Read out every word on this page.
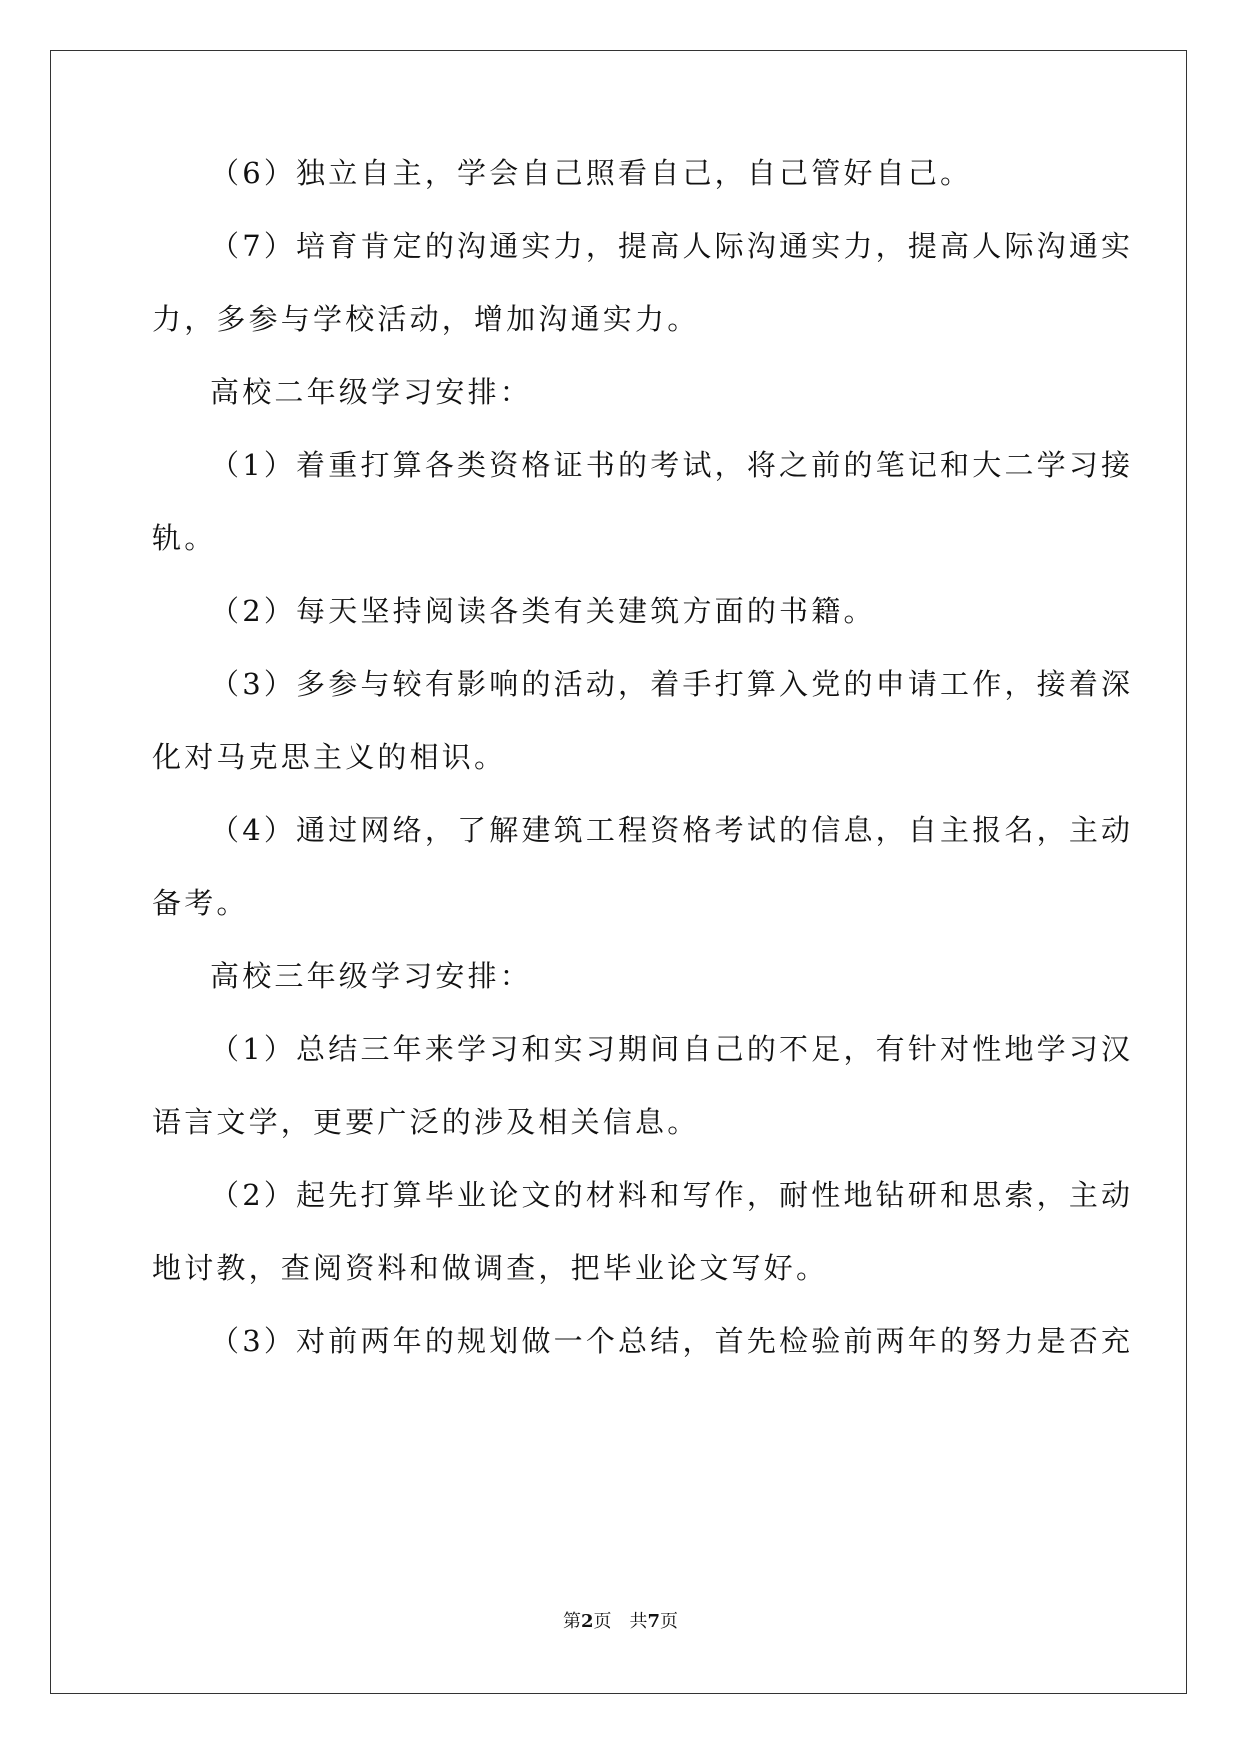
（6）独立自主，学会自己照看自己，自己管好自己。
（7）培育肯定的沟通实力，提高人际沟通实力，提高人际沟通实
力，多参与学校活动，增加沟通实力。
高校二年级学习安排：
（1）着重打算各类资格证书的考试，将之前的笔记和大二学习接
轨。
（2）每天坚持阅读各类有关建筑方面的书籍。
（3）多参与较有影响的活动，着手打算入党的申请工作，接着深
化对马克思主义的相识。
（4）通过网络，了解建筑工程资格考试的信息，自主报名，主动
备考。
高校三年级学习安排：
（1）总结三年来学习和实习期间自己的不足，有针对性地学习汉
语言文学，更要广泛的涉及相关信息。
（2）起先打算毕业论文的材料和写作，耐性地钻研和思索，主动
地讨教，查阅资料和做调查，把毕业论文写好。
（3）对前两年的规划做一个总结，首先检验前两年的努力是否充
第2页　共7页
